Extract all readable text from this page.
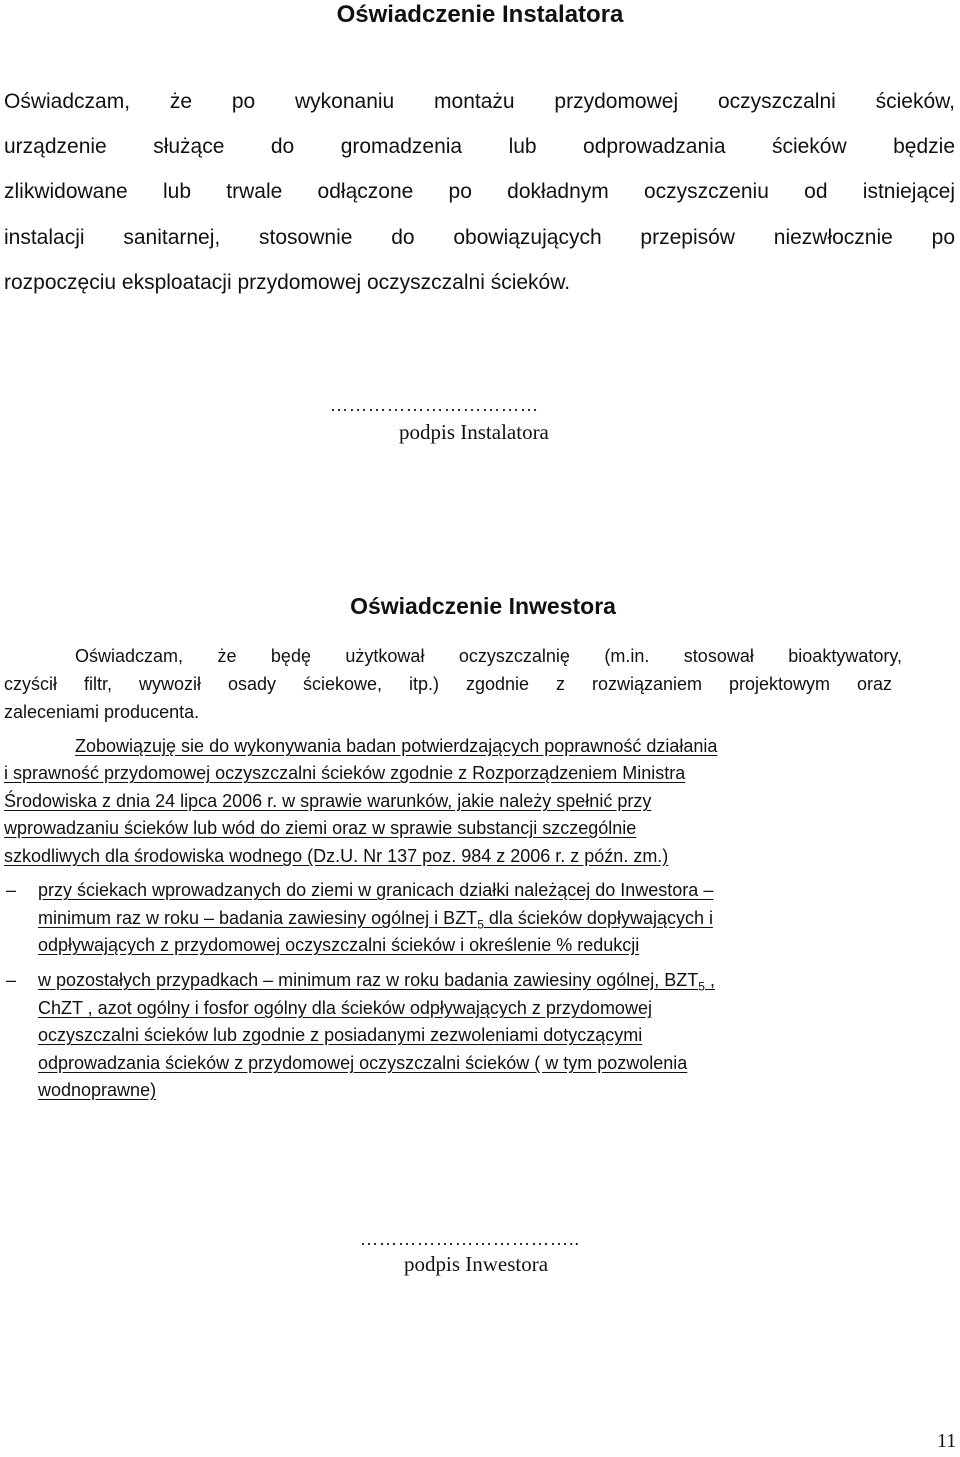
Oświadczenie Instalatora
Oświadczam, że po wykonaniu montażu przydomowej oczyszczalni ścieków,
urządzenie służące do gromadzenia lub odprowadzania ścieków będzie
zlikwidowane lub trwale odłączone po dokładnym oczyszczeniu od istniejącej
instalacji sanitarnej, stosownie do obowiązujących przepisów niezwłocznie po
rozpoczęciu eksploatacji przydomowej oczyszczalni ścieków.
……………………………
podpis Instalatora
Oświadczenie Inwestora
Oświadczam, że będę użytkował oczyszczalnię (m.in. stosował bioaktywatory,
czyścił filtr, wywoził osady ściekowe, itp.) zgodnie z rozwiązaniem projektowym oraz
zaleceniami producenta.
Zobowiązuję sie do wykonywania badan potwierdzających poprawność działania
i sprawność przydomowej oczyszczalni ścieków zgodnie z Rozporządzeniem Ministra
Środowiska z dnia 24 lipca 2006 r. w sprawie warunków, jakie należy spełnić przy
wprowadzaniu ścieków lub wód do ziemi oraz w sprawie substancji szczególnie
szkodliwych dla środowiska wodnego (Dz.U. Nr 137 poz. 984 z 2006 r. z późn. zm.)
– przy ściekach wprowadzanych do ziemi w granicach działki należącej do Inwestora –
minimum raz w roku – badania zawiesiny ogólnej i $BZT_5$ dla ścieków dopływających i
odpływających z przydomowej oczyszczalni ścieków i określenie % redukcji
– w pozostałych przypadkach – minimum raz w roku badania zawiesiny ogólnej, $BZT_5$ ,
ChZT , azot ogólny i fosfor ogólny dla ścieków odpływających z przydomowej
oczyszczalni ścieków lub zgodnie z posiadanymi zezwoleniami dotyczącymi
odprowadzania ścieków z przydomowej oczyszczalni ścieków ( w tym pozwolenia
wodnoprawne)
……………………………..
podpis Inwestora
11
